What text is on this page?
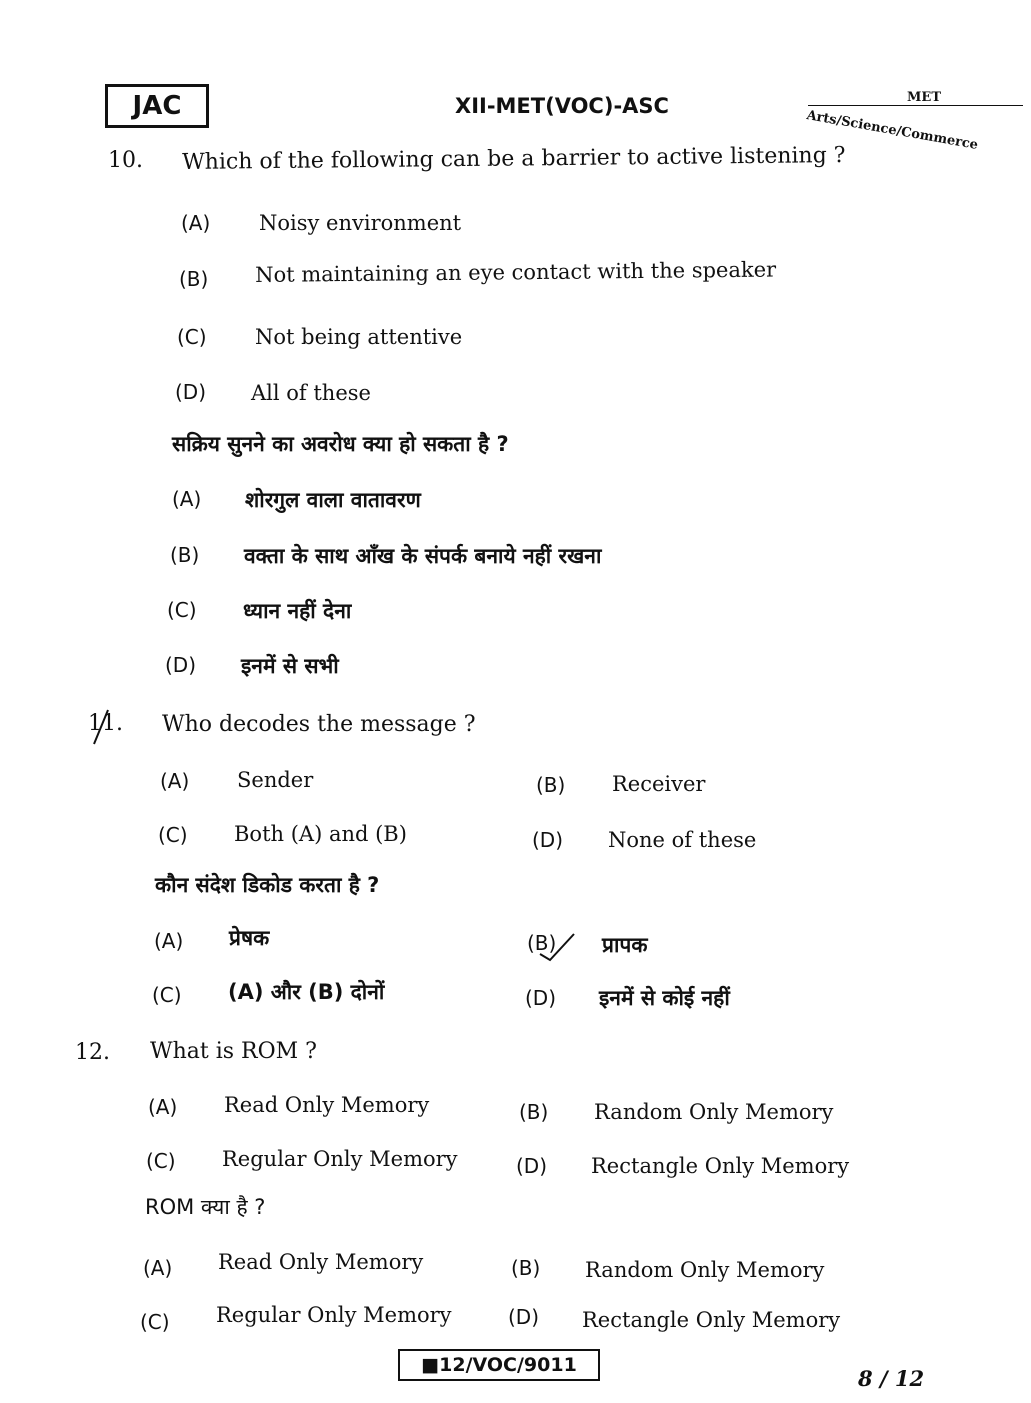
JAC	XII-MET(VOC)-ASC	MET
Arts/Science/Commerce
10. Which of the following can be a barrier to active listening ?
(A) Noisy environment
(B) Not maintaining an eye contact with the speaker
(C) Not being attentive
(D) All of these
सक्रिय सुनने का अवरोध क्या हो सकता है ?
(A) शोरगुल वाला वातावरण
(B) वक्ता के साथ आँख के संपर्क बनाये नहीं रखना
(C) ध्यान नहीं देना
(D) इनमें से सभी
11. Who decodes the message ?
(A) Sender	(B) Receiver
(C) Both (A) and (B)	(D) None of these
कौन संदेश डिकोड करता है ?
(A) प्रेषक	(B) प्रापक
(C) (A) और (B) दोनों	(D) इनमें से कोई नहीं
12. What is ROM ?
(A) Read Only Memory	(B) Random Only Memory
(C) Regular Only Memory	(D) Rectangle Only Memory
ROM क्या है ?
(A) Read Only Memory	(B) Random Only Memory
(C) Regular Only Memory	(D) Rectangle Only Memory
■12/VOC/9011
8 / 12
